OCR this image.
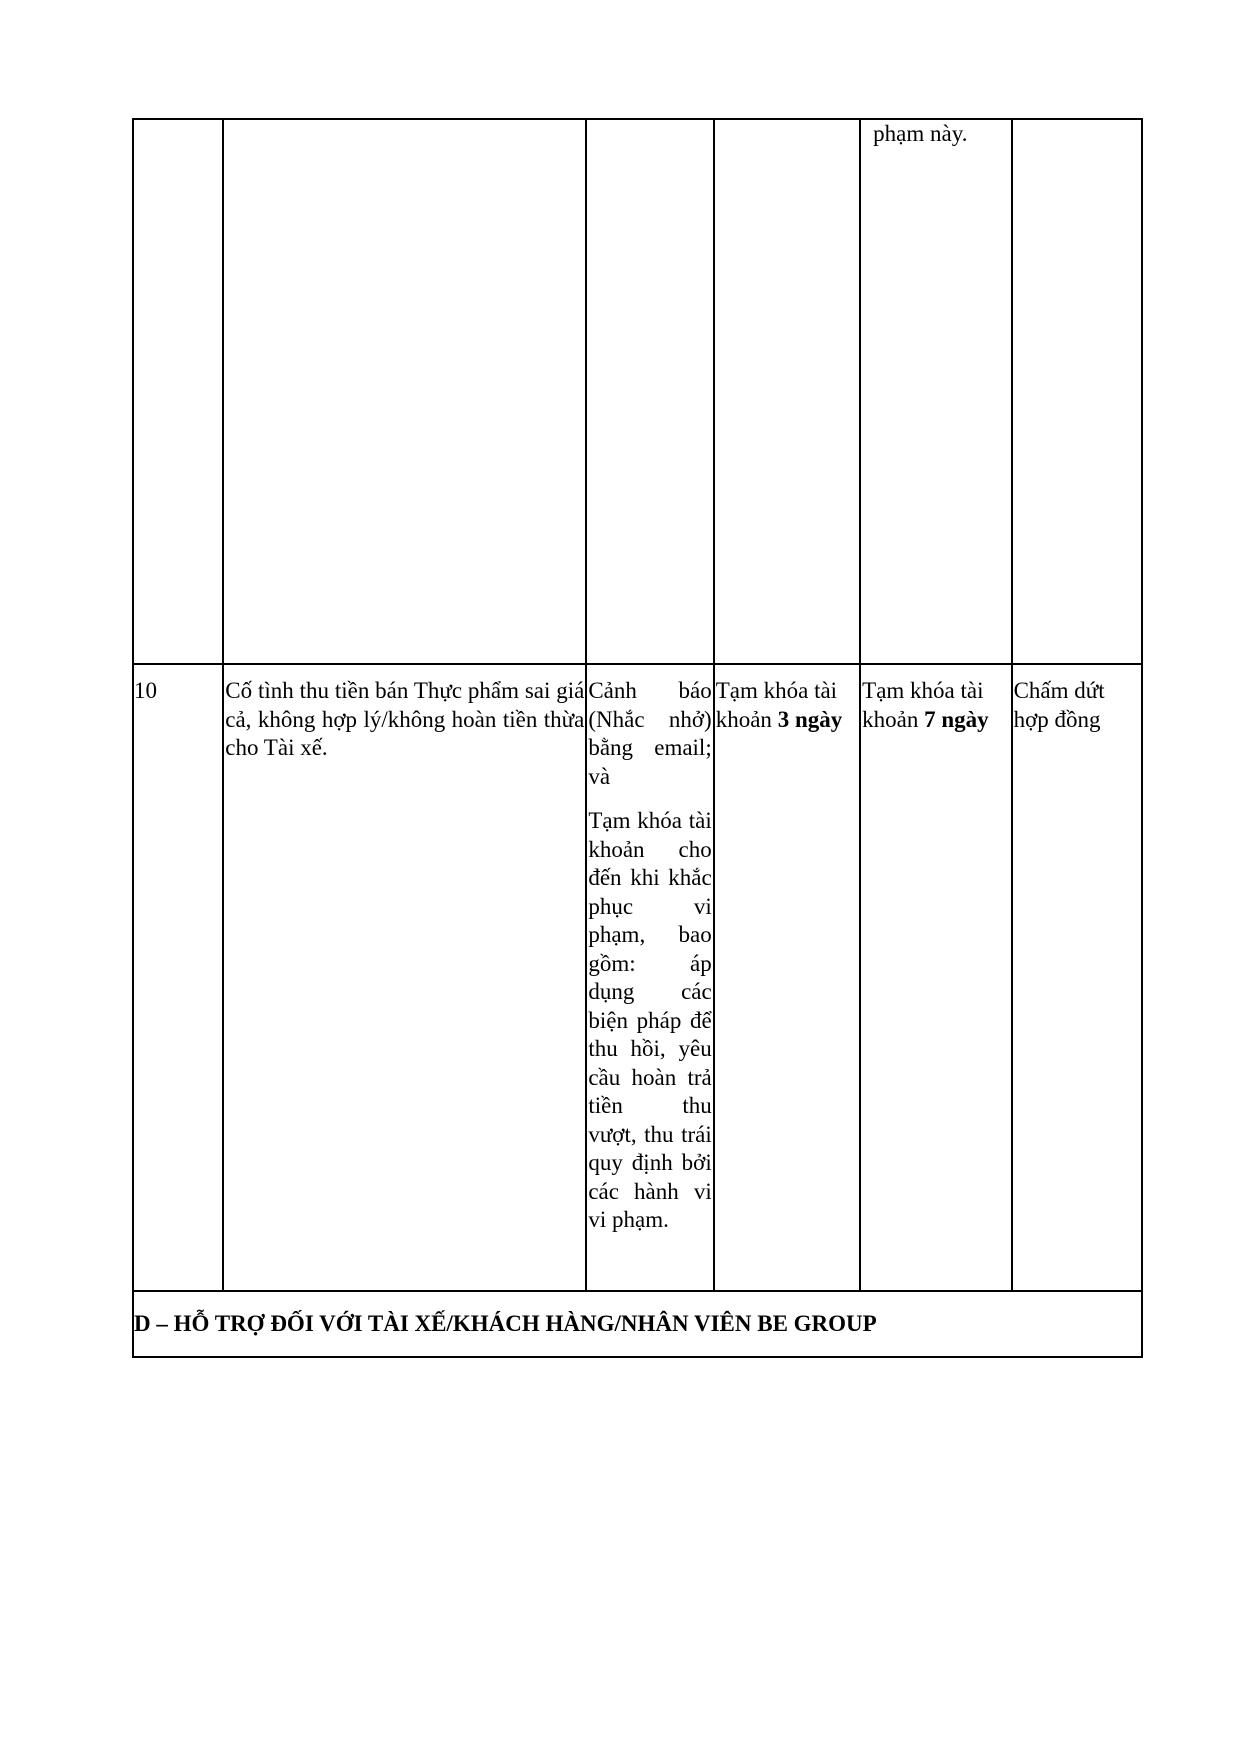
				phạm này.	

10	Cố tình thu tiền bán Thực phẩm sai giá cả, không hợp lý/không hoàn tiền thừa cho Tài xế.	Cảnh báo (Nhắc nhở) bằng email; và
Tạm khóa tài khoản cho đến khi khắc phục vi phạm, bao gồm: áp dụng các biện pháp để thu hồi, yêu cầu hoàn trả tiền thu vượt, thu trái quy định bởi các hành vi vi phạm.	Tạm khóa tài khoản 3 ngày	Tạm khóa tài khoản 7 ngày	Chấm dứt hợp đồng

D – HỖ TRỢ ĐỐI VỚI TÀI XẾ/KHÁCH HÀNG/NHÂN VIÊN BE GROUP					
